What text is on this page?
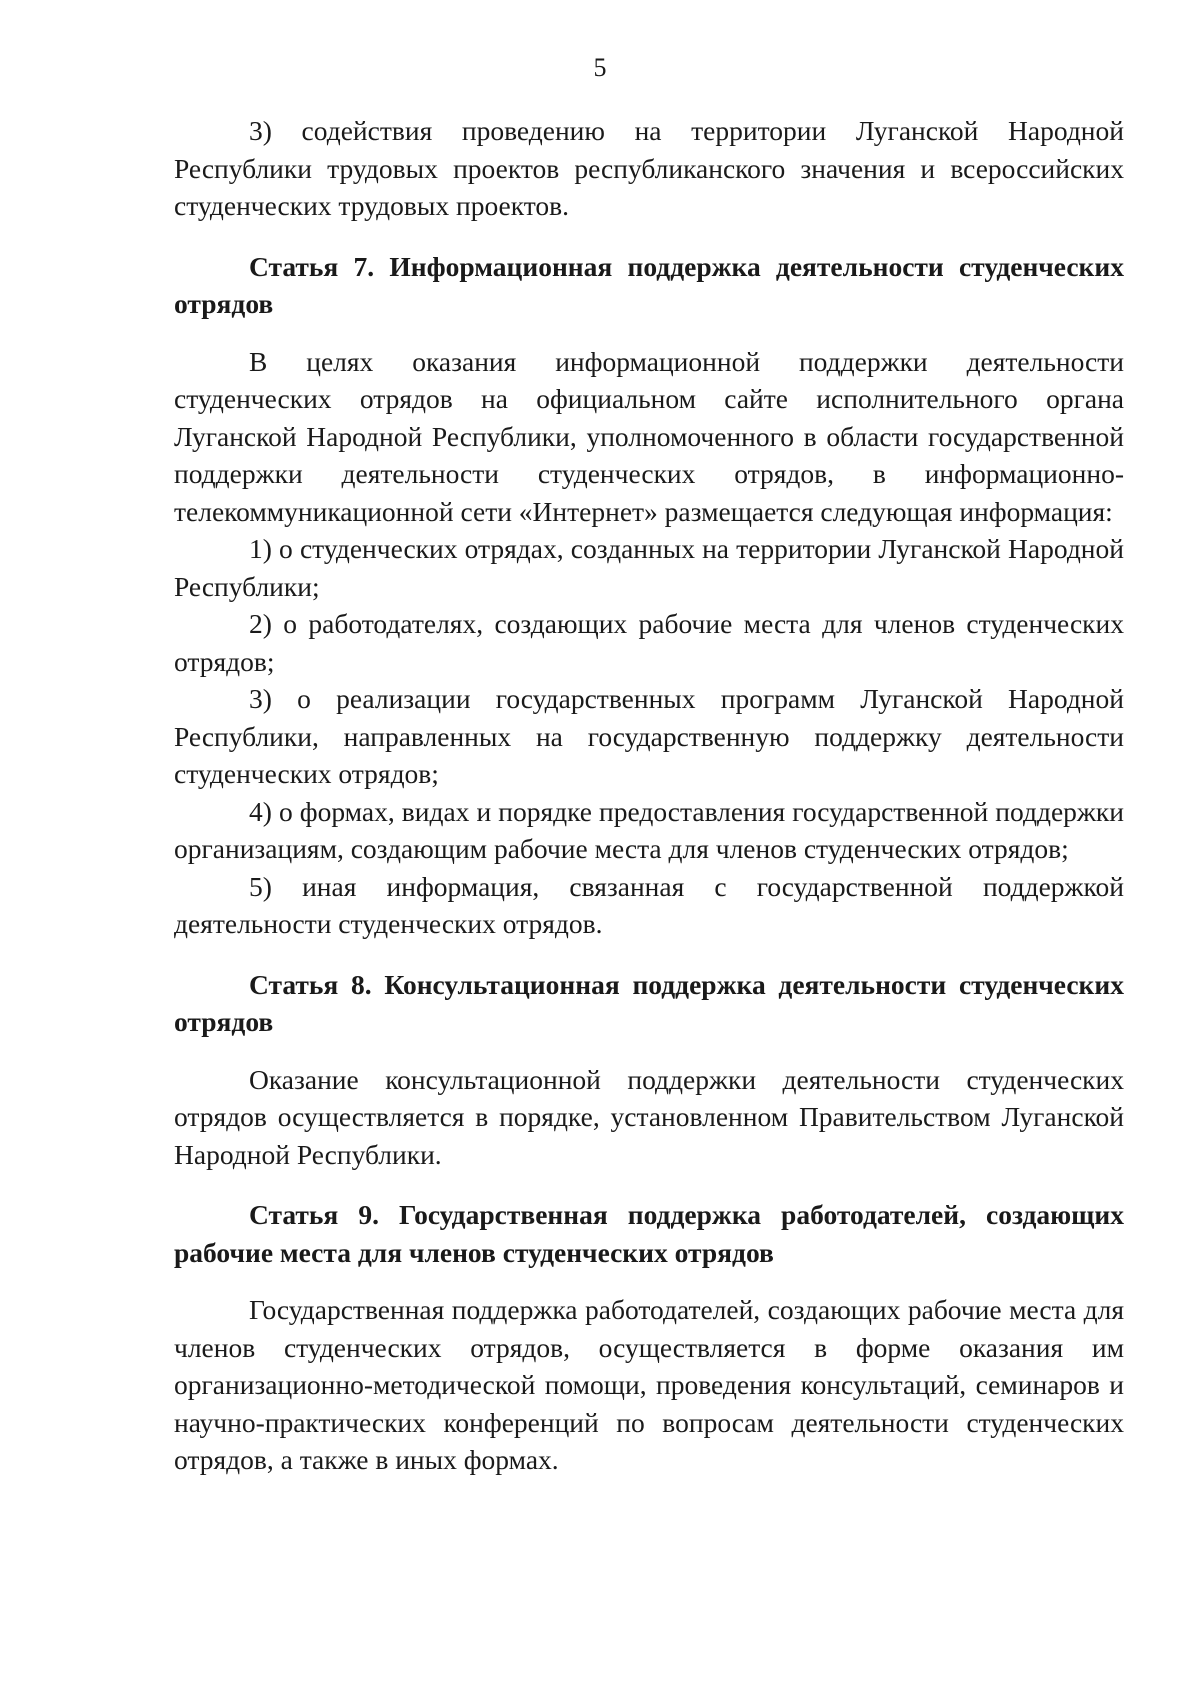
5

3) содействия проведению на территории Луганской Народной Республики трудовых проектов республиканского значения и всероссийских студенческих трудовых проектов.

Статья 7. Информационная поддержка деятельности студенческих отрядов

В целях оказания информационной поддержки деятельности студенческих отрядов на официальном сайте исполнительного органа Луганской Народной Республики, уполномоченного в области государственной поддержки деятельности студенческих отрядов, в информационно-телекоммуникационной сети «Интернет» размещается следующая информация:

1) о студенческих отрядах, созданных на территории Луганской Народной Республики;

2) о работодателях, создающих рабочие места для членов студенческих отрядов;

3) о реализации государственных программ Луганской Народной Республики, направленных на государственную поддержку деятельности студенческих отрядов;

4) о формах, видах и порядке предоставления государственной поддержки организациям, создающим рабочие места для членов студенческих отрядов;

5) иная информация, связанная с государственной поддержкой деятельности студенческих отрядов.

Статья 8. Консультационная поддержка деятельности студенческих отрядов

Оказание консультационной поддержки деятельности студенческих отрядов осуществляется в порядке, установленном Правительством Луганской Народной Республики.

Статья 9. Государственная поддержка работодателей, создающих рабочие места для членов студенческих отрядов

Государственная поддержка работодателей, создающих рабочие места для членов студенческих отрядов, осуществляется в форме оказания им организационно-методической помощи, проведения консультаций, семинаров и научно-практических конференций по вопросам деятельности студенческих отрядов, а также в иных формах.
